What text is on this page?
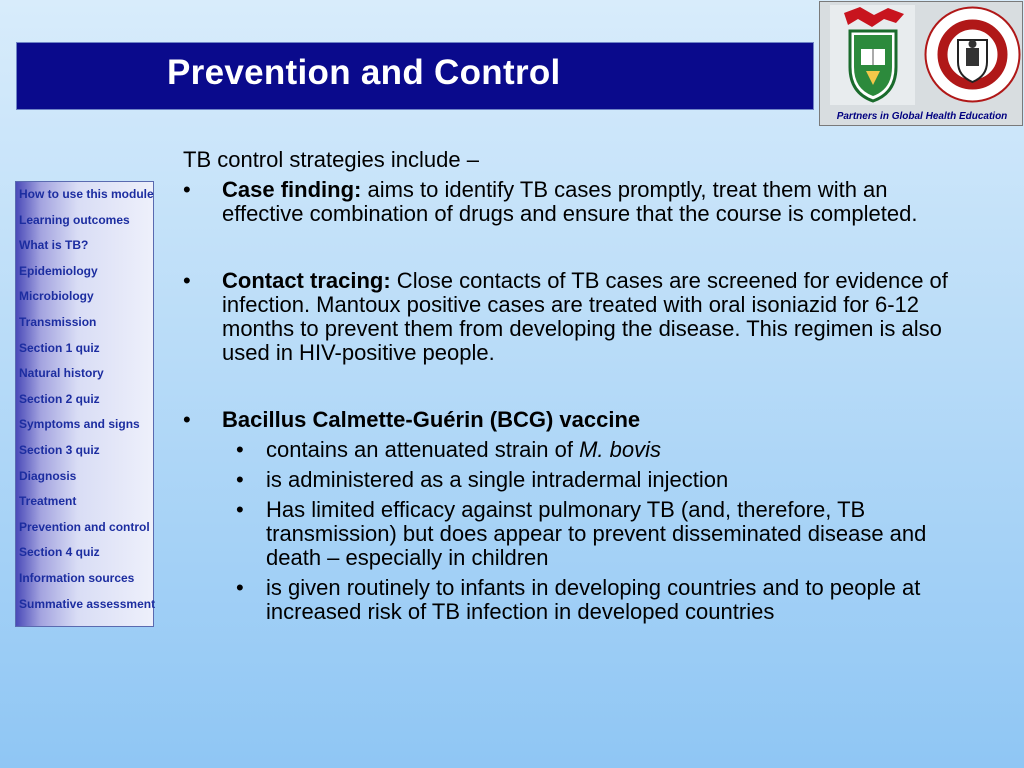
Prevention and Control
Partners in Global Health Education
How to use this module
Learning outcomes
What is TB?
Epidemiology
Microbiology
Transmission
Section 1 quiz
Natural history
Section 2 quiz
Symptoms and signs
Section 3 quiz
Diagnosis
Treatment
Prevention and control
Section 4 quiz
Information sources
Summative assessment

TB control strategies include –

• Case finding: aims to identify TB cases promptly, treat them with an effective combination of drugs and ensure that the course is completed.
• Contact tracing: Close contacts of TB cases are screened for evidence of infection. Mantoux positive cases are treated with oral isoniazid for 6-12 months to prevent them from developing the disease. This regimen is also used in HIV-positive people.
• Bacillus Calmette-Guérin (BCG) vaccine
• contains an attenuated strain of M. bovis
• is administered as a single intradermal injection
• Has limited efficacy against pulmonary TB (and, therefore, TB transmission) but does appear to prevent disseminated disease and death – especially in children
• is given routinely to infants in developing countries and to people at increased risk of TB infection in developed countries
